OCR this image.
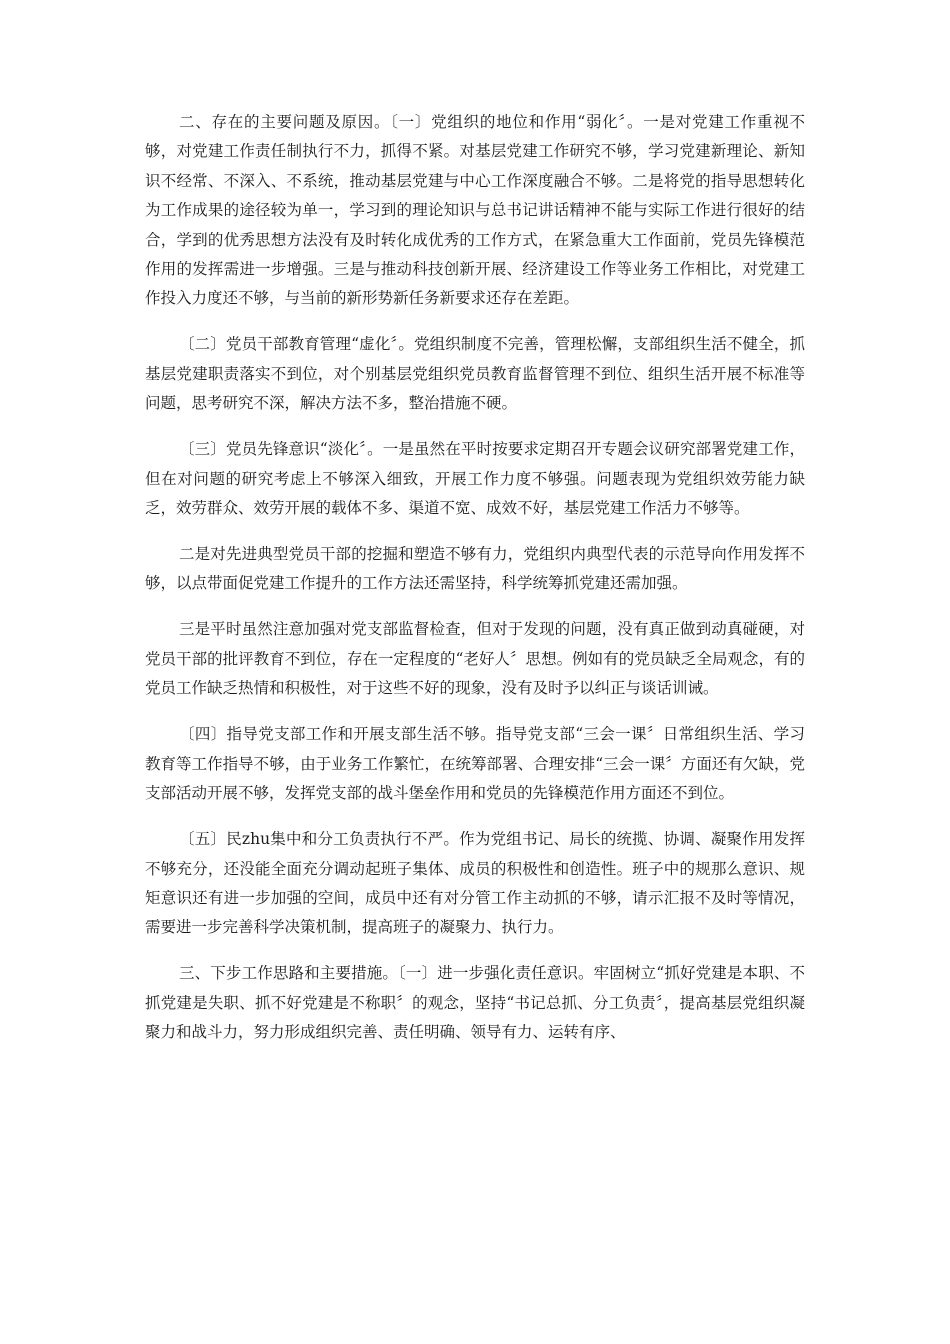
二、存在的主要问题及原因。〔一〕党组织的地位和作用“弱化〞。一是对党建工作重视不够，对党建工作责任制执行不力，抓得不紧。对基层党建工作研究不够，学习党建新理论、新知识不经常、不深入、不系统，推动基层党建与中心工作深度融合不够。二是将党的指导思想转化为工作成果的途径较为单一，学习到的理论知识与总书记讲话精神不能与实际工作进行很好的结合，学到的优秀思想方法没有及时转化成优秀的工作方式，在紧急重大工作面前，党员先锋模范作用的发挥需进一步增强。三是与推动科技创新开展、经济建设工作等业务工作相比，对党建工作投入力度还不够，与当前的新形势新任务新要求还存在差距。

〔二〕党员干部教育管理“虚化〞。党组织制度不完善，管理松懈，支部组织生活不健全，抓基层党建职责落实不到位，对个别基层党组织党员教育监督管理不到位、组织生活开展不标准等问题，思考研究不深，解决方法不多，整治措施不硬。

〔三〕党员先锋意识“淡化〞。一是虽然在平时按要求定期召开专题会议研究部署党建工作，但在对问题的研究考虑上不够深入细致，开展工作力度不够强。问题表现为党组织效劳能力缺乏，效劳群众、效劳开展的载体不多、渠道不宽、成效不好，基层党建工作活力不够等。

二是对先进典型党员干部的挖掘和塑造不够有力，党组织内典型代表的示范导向作用发挥不够，以点带面促党建工作提升的工作方法还需坚持，科学统筹抓党建还需加强。

三是平时虽然注意加强对党支部监督检查，但对于发现的问题，没有真正做到动真碰硬，对党员干部的批评教育不到位，存在一定程度的“老好人〞思想。例如有的党员缺乏全局观念，有的党员工作缺乏热情和积极性，对于这些不好的现象，没有及时予以纠正与谈话训诫。

〔四〕指导党支部工作和开展支部生活不够。指导党支部“三会一课〞日常组织生活、学习教育等工作指导不够，由于业务工作繁忙，在统筹部署、合理安排“三会一课〞方面还有欠缺，党支部活动开展不够，发挥党支部的战斗堡垒作用和党员的先锋模范作用方面还不到位。

〔五〕民zhu集中和分工负责执行不严。作为党组书记、局长的统揽、协调、凝聚作用发挥不够充分，还没能全面充分调动起班子集体、成员的积极性和创造性。班子中的规那么意识、规矩意识还有进一步加强的空间，成员中还有对分管工作主动抓的不够，请示汇报不及时等情况，需要进一步完善科学决策机制，提高班子的凝聚力、执行力。

三、下步工作思路和主要措施。〔一〕进一步强化责任意识。牢固树立“抓好党建是本职、不抓党建是失职、抓不好党建是不称职〞的观念，坚持“书记总抓、分工负责〞，提高基层党组织凝聚力和战斗力，努力形成组织完善、责任明确、领导有力、运转有序、
